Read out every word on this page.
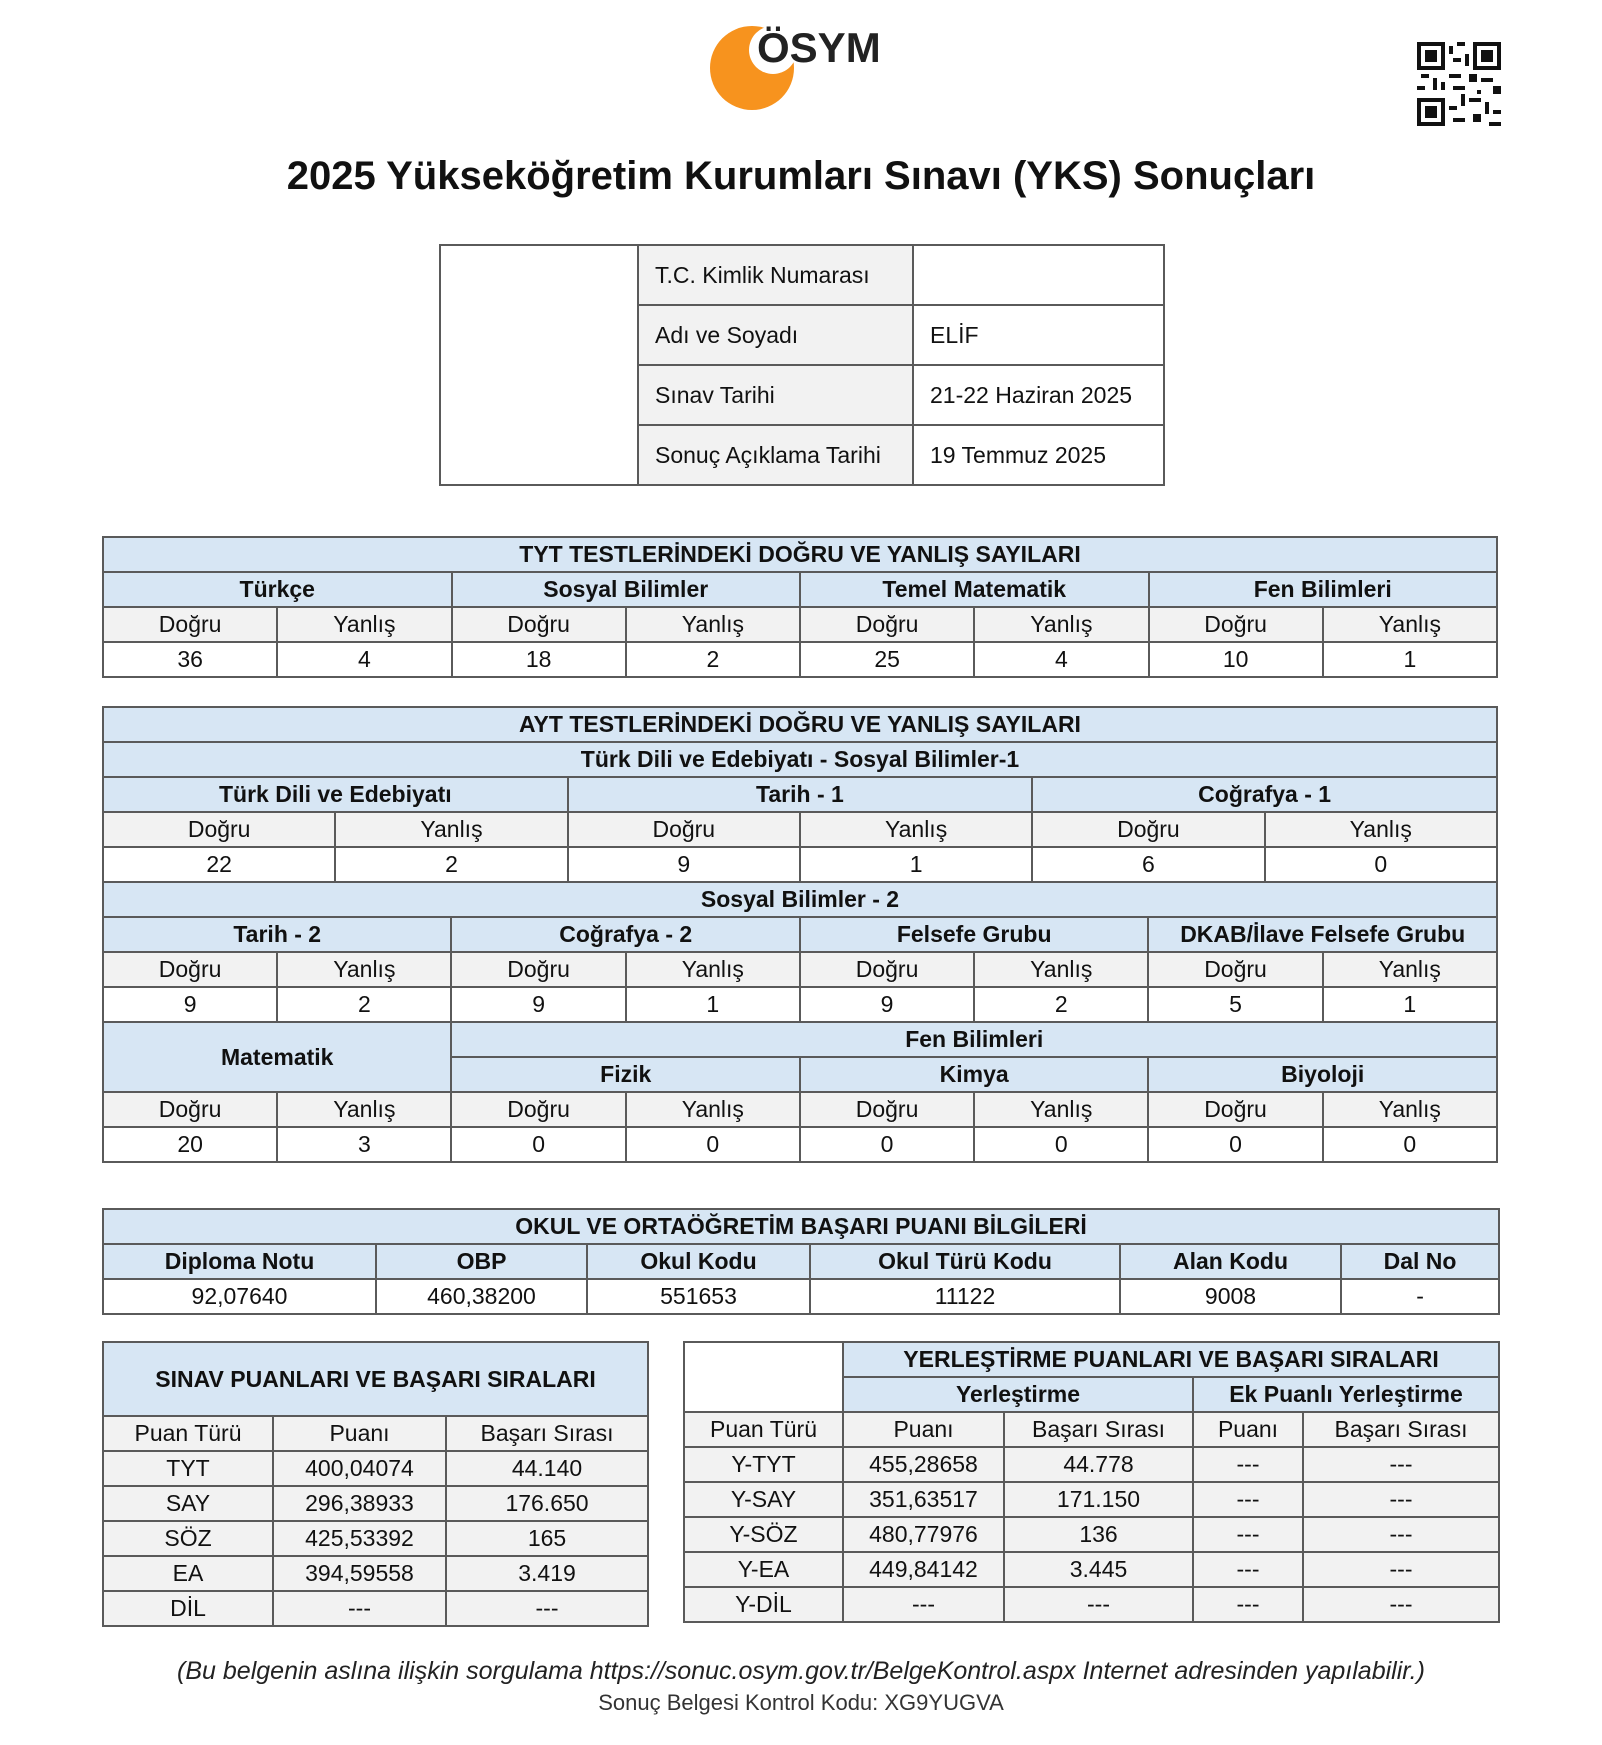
ÖSYM
2025 Yükseköğretim Kurumları Sınavı (YKS) Sonuçları
	T.C. Kimlik Numarası	
	Adı ve Soyadı	ELİF
	Sınav Tarihi	21-22 Haziran 2025
	Sonuç Açıklama Tarihi	19 Temmuz 2025
TYT TESTLERİNDEKİ DOĞRU VE YANLIŞ SAYILARI							
Türkçe		Sosyal Bilimler		Temel Matematik		Fen Bilimleri	
Doğru	Yanlış	Doğru	Yanlış	Doğru	Yanlış	Doğru	Yanlış
36	4	18	2	25	4	10	1
AYT TESTLERİNDEKİ DOĞRU VE YANLIŞ SAYILARI											
Türk Dili ve Edebiyatı - Sosyal Bilimler-1											
Türk Dili ve Edebiyatı				Tarih - 1				Coğrafya - 1			
Doğru		Yanlış		Doğru		Yanlış		Doğru		Yanlış	
22		2		9		1		6		0	
Sosyal Bilimler - 2											
Tarih - 2			Coğrafya - 2			Felsefe Grubu			DKAB/İlave Felsefe Grubu		
Doğru	Yanlış		Doğru		Yanlış	Doğru	Yanlış		Doğru		Yanlış
9	2		9		1	9	2		5		1
Matematik			Fen Bilimleri								
			Fizik			Kimya			Biyoloji		
Doğru	Yanlış		Doğru		Yanlış	Doğru	Yanlış		Doğru		Yanlış
20	3		0		0	0	0		0		0
OKUL VE ORTAÖĞRETİM BAŞARI PUANI BİLGİLERİ					
Diploma Notu	OBP	Okul Kodu	Okul Türü Kodu	Alan Kodu	Dal No
92,07640	460,38200	551653	11122	9008	-
SINAV PUANLARI VE BAŞARI SIRALARI		

Puan Türü	Puanı	Başarı Sırası
TYT	400,04074	44.140
SAY	296,38933	176.650
SÖZ	425,53392	165
EA	394,59558	3.419
DİL	---	---
	YERLEŞTİRME PUANLARI VE BAŞARI SIRALARI			
	Yerleştirme		Ek Puanlı Yerleştirme	
Puan Türü	Puanı	Başarı Sırası	Puanı	Başarı Sırası
Y-TYT	455,28658	44.778	---	---
Y-SAY	351,63517	171.150	---	---
Y-SÖZ	480,77976	136	---	---
Y-EA	449,84142	3.445	---	---
Y-DİL	---	---	---	---
(Bu belgenin aslına ilişkin sorgulama https://sonuc.osym.gov.tr/BelgeKontrol.aspx Internet adresinden yapılabilir.)
Sonuç Belgesi Kontrol Kodu: XG9YUGVA
